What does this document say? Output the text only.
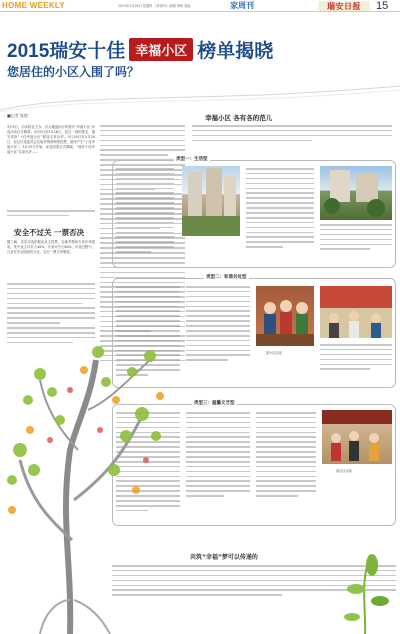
HOME WEEKLY	2015年3月26日 星期四 《家周刊》编辑 审核 美编	家周刊	瑞安日报	15
2015瑞安十佳 幸福小区 榜单揭晓
您居住的小区入围了吗？
■记者 陈艳
3月9日，由本报社主办、各大楼盘协办的瑞安“幸福小区”评选活动拉开帷幕。3月9日至3月16日，经过一周的报名，瑞安首批“十佳幸福小区”候选名单出炉。3月18日至3月20日，经过评选委员会实地考察和网络投票，最终产生“十佳幸福小区”。3月23日开始，评选结果正式揭晓，“瑞安十佳幸福小区”名单出炉……
安全不过关 一票否决
据了解，本次评选依据由业主投票、实地考察和专家评审组成，其中业主评价占40%，专家评分占60%。评选过程中，凡存在安全隐患的小区，实行一票否决制度。
幸福小区 各有各的范儿
类型一：生活型
类型二：和谐共处型
某小区活动
类型三：温馨文艺型
某社区活动
共筑“幸福”梦可以传递的
